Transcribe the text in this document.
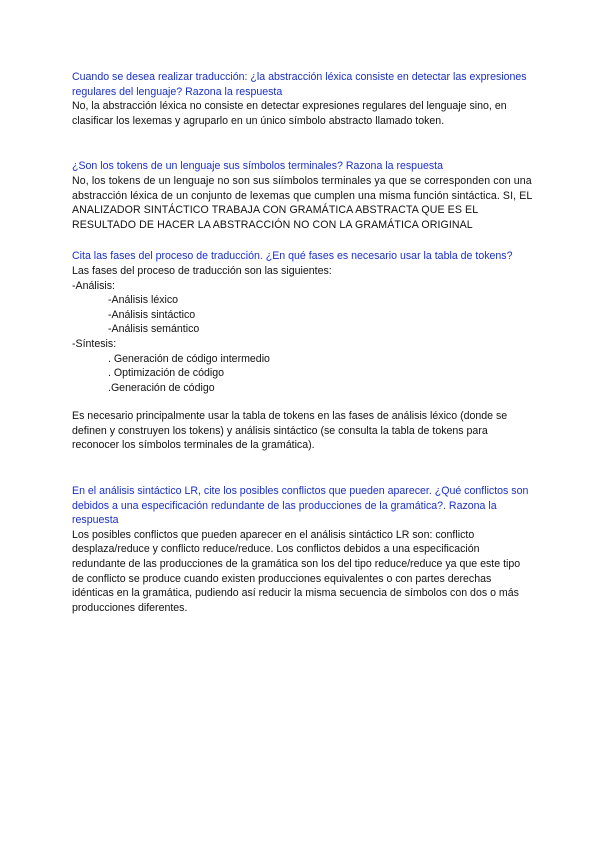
Cuando se desea realizar traducción: ¿la abstracción léxica consiste en detectar las expresiones regulares del lenguaje? Razona la respuesta

No, la abstracción léxica no consiste en detectar expresiones regulares del lenguaje sino, en clasificar los lexemas y agruparlo en un único símbolo abstracto llamado token.

¿Son los tokens de un lenguaje sus símbolos terminales? Razona la respuesta

No, los tokens de un lenguaje no son sus siímbolos terminales ya que se corresponden con una abstracción léxica de un conjunto de lexemas que cumplen una misma función sintáctica. SI, EL ANALIZADOR SINTÁCTICO TRABAJA CON GRAMÁTICA ABSTRACTA QUE ES EL RESULTADO DE HACER LA ABSTRACCIÓN NO CON LA GRAMÁTICA ORIGINAL

Cita las fases del proceso de traducción. ¿En qué fases es necesario usar la tabla de tokens?

Las fases del proceso de traducción son las siguientes:

-Análisis:

-Análisis léxico
-Análisis sintáctico
-Análisis semántico

-Síntesis:

. Generación de código intermedio
. Optimización de código
.Generación de código

Es necesario principalmente usar la tabla de tokens en las fases de análisis léxico (donde se definen y construyen los tokens) y análisis sintáctico (se consulta la tabla de tokens para reconocer los símbolos terminales de la gramática).

En el análisis sintáctico LR, cite los posibles conflictos que pueden aparecer. ¿Qué conflictos son debidos a una especificación redundante de las producciones de la gramática?. Razona la respuesta

Los posibles conflictos que pueden aparecer en el análisis sintáctico LR son: conflicto desplaza/reduce y conflicto reduce/reduce. Los conflictos debidos a una especificación redundante de las producciones de la gramática son los del tipo reduce/reduce ya que este tipo de conflicto se produce cuando existen producciones equivalentes o con partes derechas idénticas en la gramática, pudiendo así reducir la misma secuencia de símbolos con dos o más producciones diferentes.
